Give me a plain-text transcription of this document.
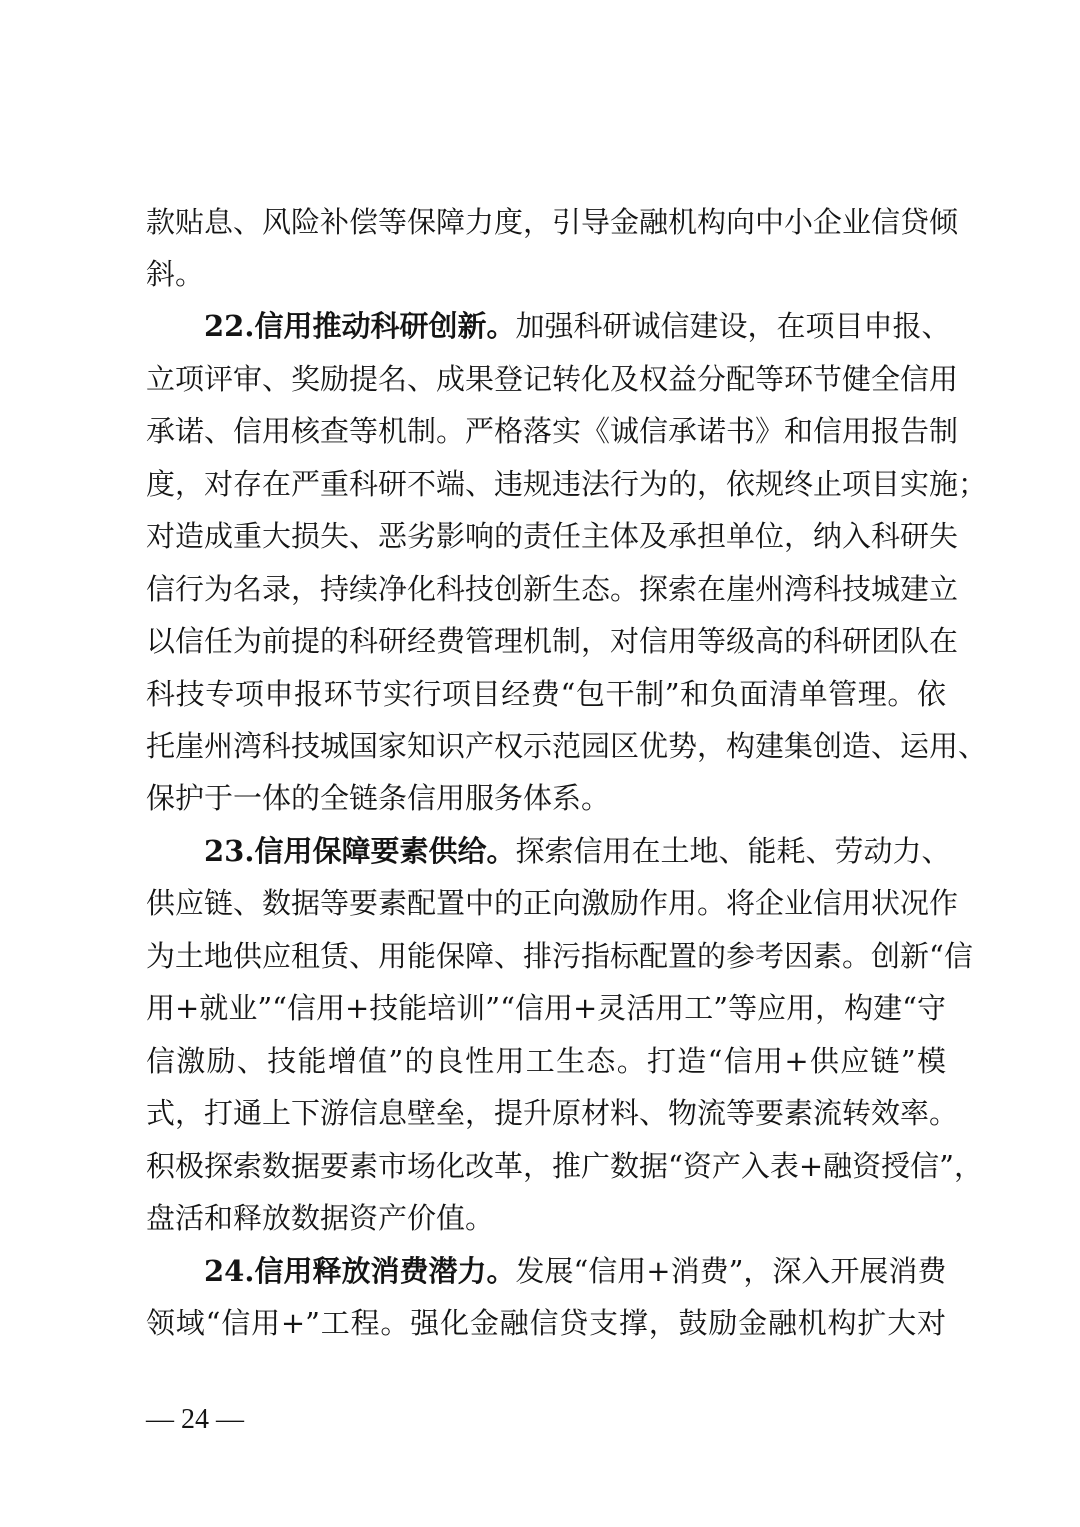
款贴息、风险补偿等保障力度，引导金融机构向中小企业信贷倾
斜。
22.信用推动科研创新。加强科研诚信建设，在项目申报、
立项评审、奖励提名、成果登记转化及权益分配等环节健全信用
承诺、信用核查等机制。严格落实《诚信承诺书》和信用报告制
度，对存在严重科研不端、违规违法行为的，依规终止项目实施；
对造成重大损失、恶劣影响的责任主体及承担单位，纳入科研失
信行为名录，持续净化科技创新生态。探索在崖州湾科技城建立
以信任为前提的科研经费管理机制，对信用等级高的科研团队在
科技专项申报环节实行项目经费“包干制”和负面清单管理。依
托崖州湾科技城国家知识产权示范园区优势，构建集创造、运用、
保护于一体的全链条信用服务体系。
23.信用保障要素供给。探索信用在土地、能耗、劳动力、
供应链、数据等要素配置中的正向激励作用。将企业信用状况作
为土地供应租赁、用能保障、排污指标配置的参考因素。创新“信
用+就业”“信用+技能培训”“信用+灵活用工”等应用，构建“守
信激励、技能增值”的良性用工生态。打造“信用+供应链”模
式，打通上下游信息壁垒，提升原材料、物流等要素流转效率。
积极探索数据要素市场化改革，推广数据“资产入表+融资授信”，
盘活和释放数据资产价值。
24.信用释放消费潜力。发展“信用+消费”，深入开展消费
领域“信用+”工程。强化金融信贷支撑，鼓励金融机构扩大对
— 24 —
